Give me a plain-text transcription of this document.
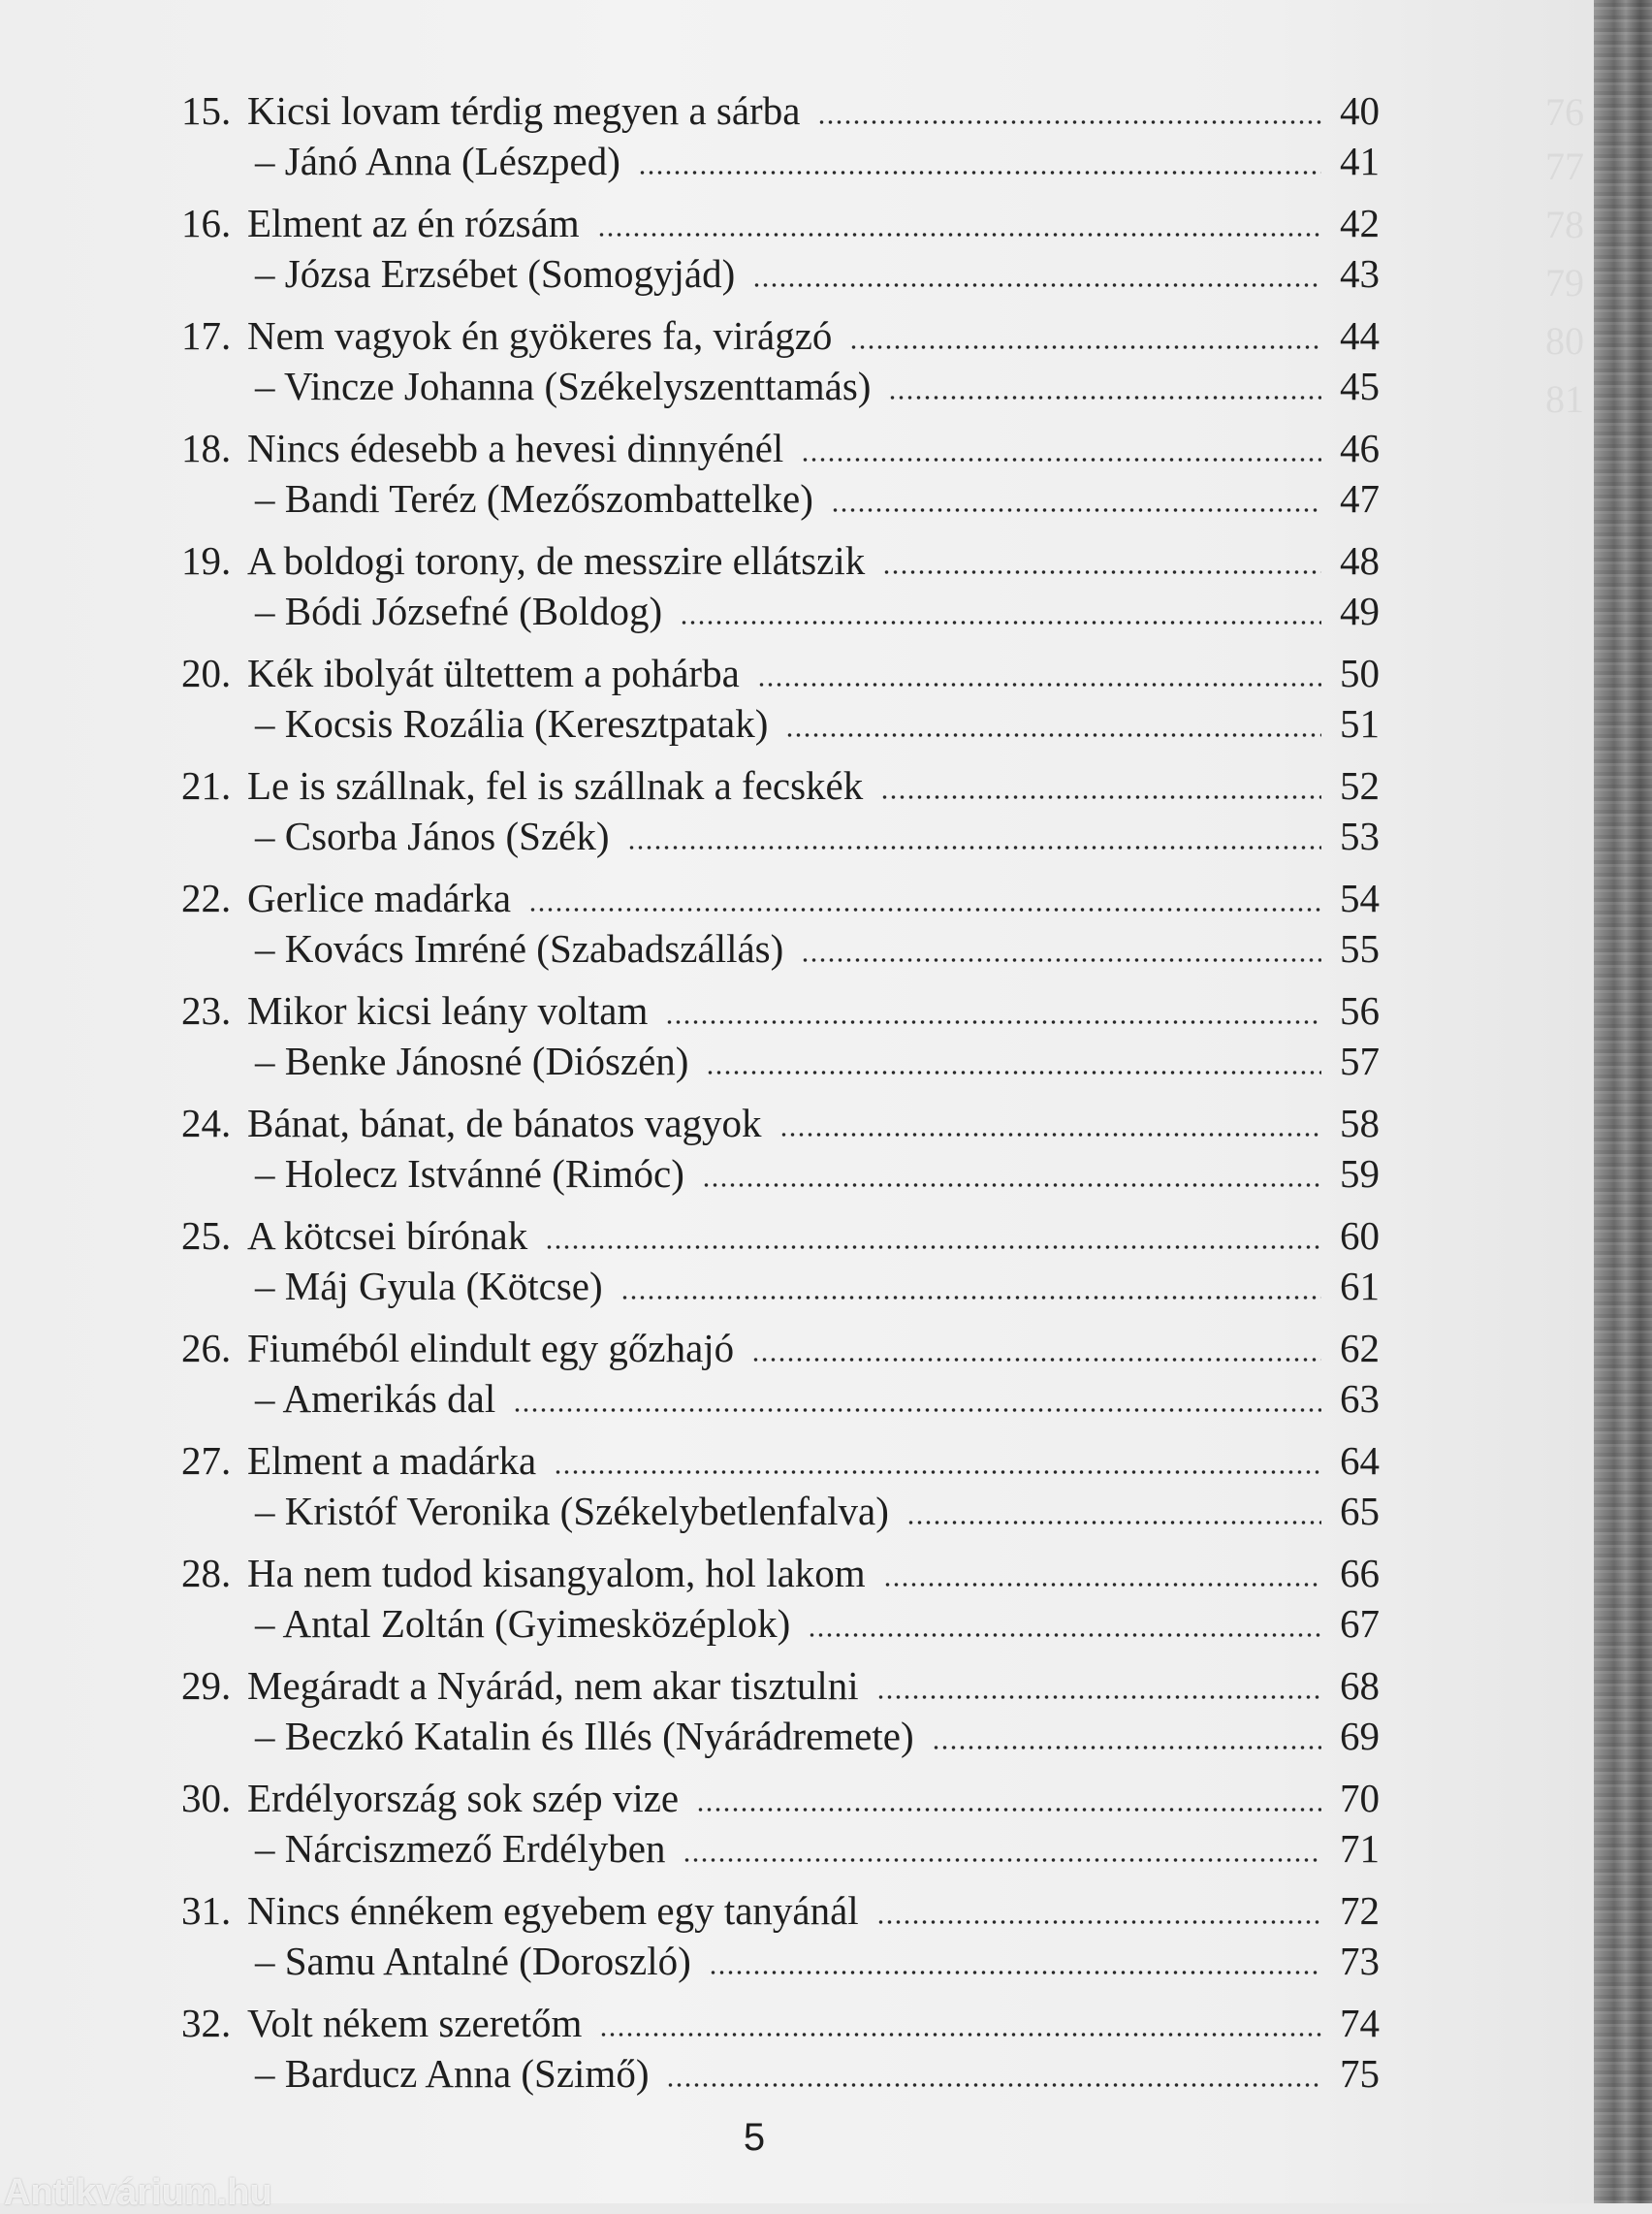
76
77
78
79
80
81
15. Kicsi lovam térdig megyen a sárba	40
– Jánó Anna (Lészped)	41
16. Elment az én rózsám	42
– Józsa Erzsébet (Somogyjád)	43
17. Nem vagyok én gyökeres fa, virágzó	44
– Vincze Johanna (Székelyszenttamás)	45
18. Nincs édesebb a hevesi dinnyénél	46
– Bandi Teréz (Mezőszombattelke)	47
19. A boldogi torony, de messzire ellátszik	48
– Bódi Józsefné (Boldog)	49
20. Kék ibolyát ültettem a pohárba	50
– Kocsis Rozália (Keresztpatak)	51
21. Le is szállnak, fel is szállnak a fecskék	52
– Csorba János (Szék)	53
22. Gerlice madárka	54
– Kovács Imréné (Szabadszállás)	55
23. Mikor kicsi leány voltam	56
– Benke Jánosné (Diószén)	57
24. Bánat, bánat, de bánatos vagyok	58
– Holecz Istvánné (Rimóc)	59
25. A kötcsei bírónak	60
– Máj Gyula (Kötcse)	61
26. Fiuméból elindult egy gőzhajó	62
– Amerikás dal	63
27. Elment a madárka	64
– Kristóf Veronika (Székelybetlenfalva)	65
28. Ha nem tudod kisangyalom, hol lakom	66
– Antal Zoltán (Gyimesközéplok)	67
29. Megáradt a Nyárád, nem akar tisztulni	68
– Beczkó Katalin és Illés (Nyárádremete)	69
30. Erdélyország sok szép vize	70
– Nárciszmező Erdélyben	71
31. Nincs énnékem egyebem egy tanyánál	72
– Samu Antalné (Doroszló)	73
32. Volt nékem szeretőm	74
– Barducz Anna (Szimő)	75
5
Antikvárium.hu
